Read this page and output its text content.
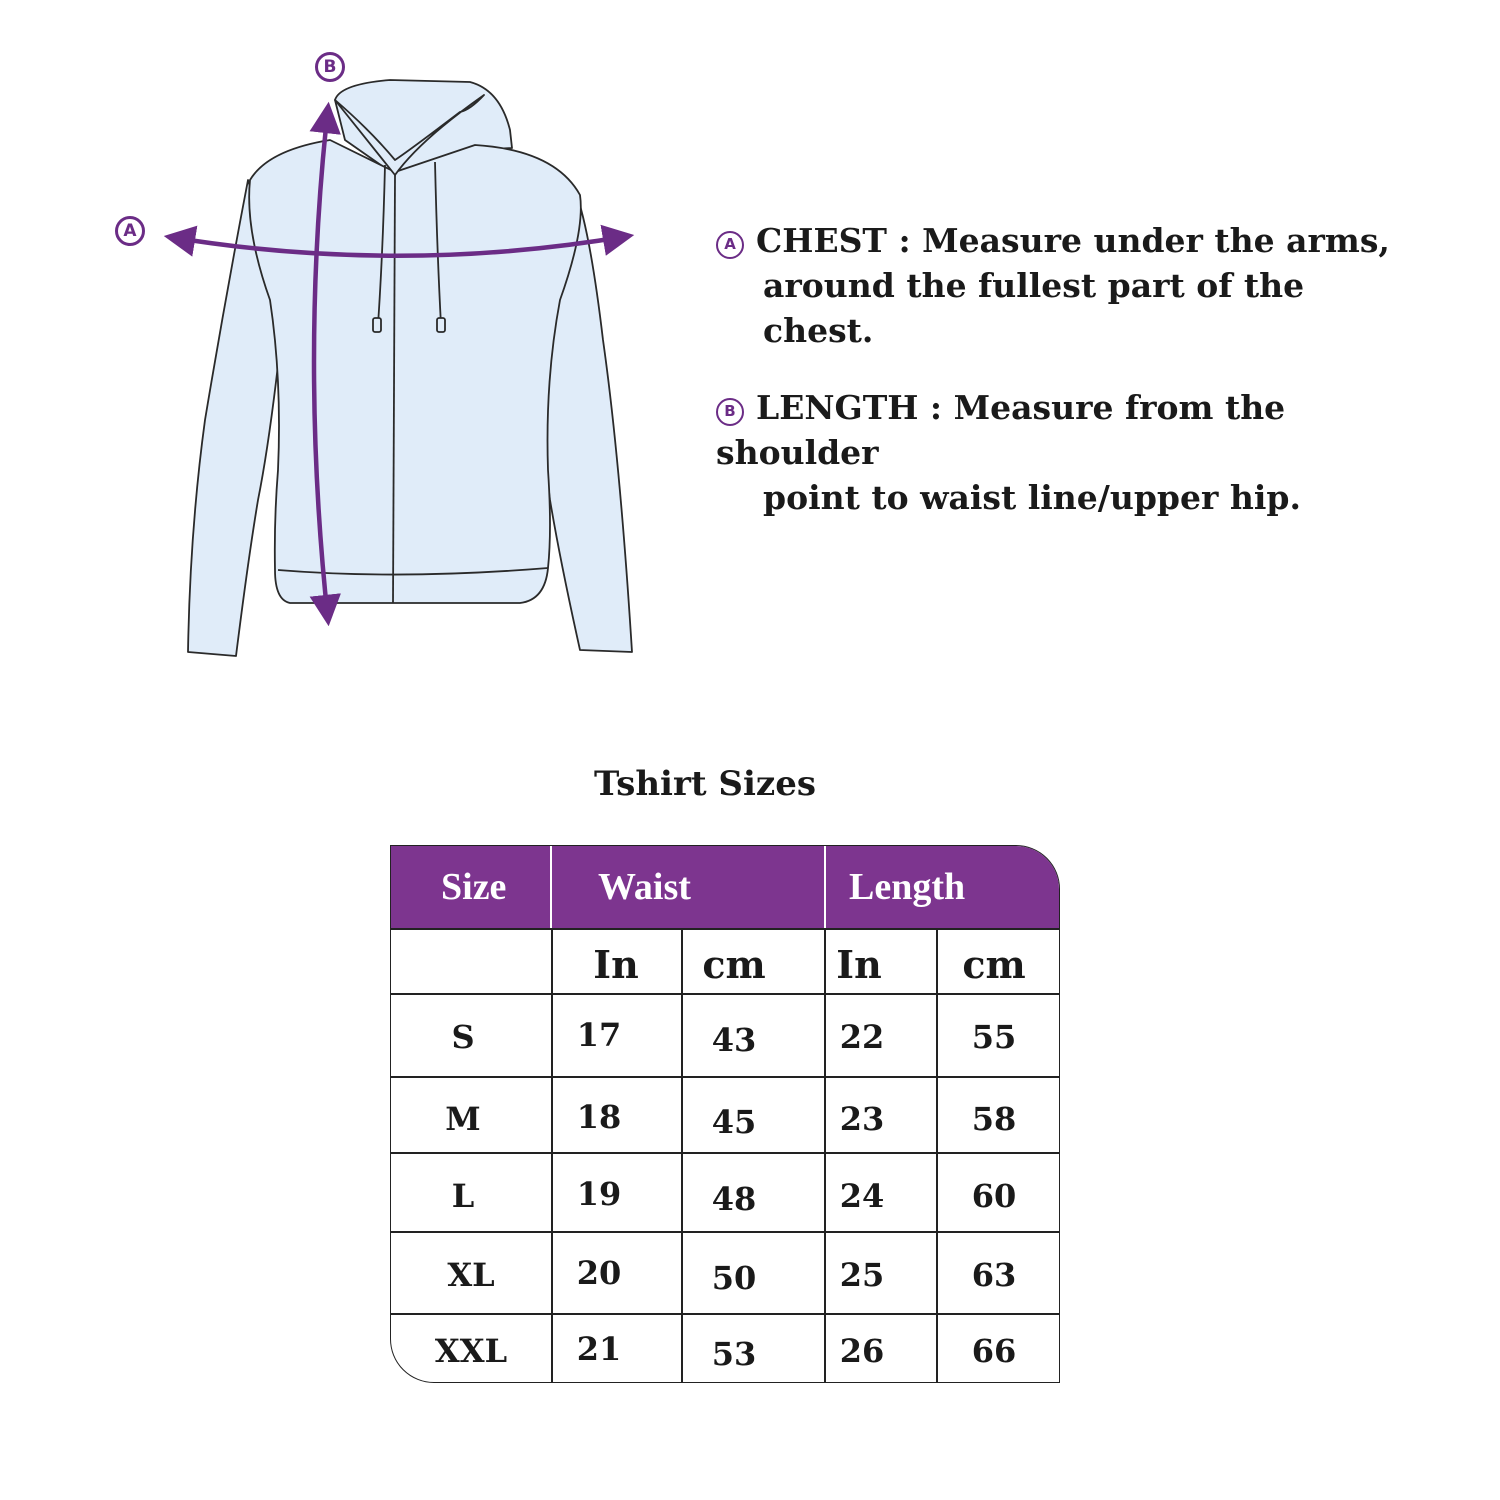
A
B
A CHEST : Measure under the arms,
around the fullest part of the chest.
B LENGTH : Measure from the shoulder
point to waist line/upper hip.
Tshirt Sizes
Size Waist	Length
In	cm	In	cm
S	17	43	22	55
M	18	45	23	58
L	19	48	24	60
XL	20	50	25	63
XXL	21	53	26	66
